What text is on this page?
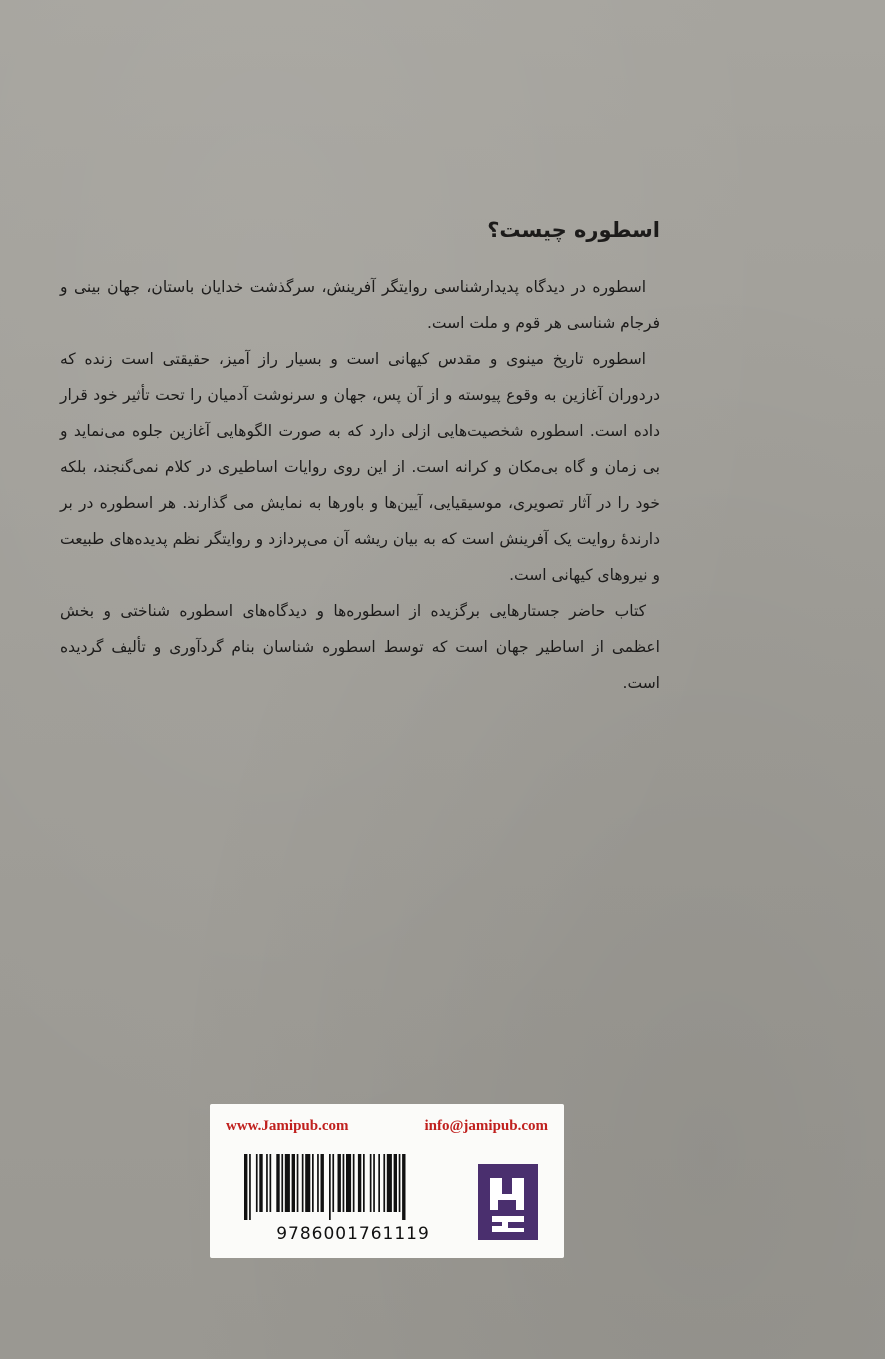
اسطوره چیست؟

اسطوره در دیدگاه پدیدارشناسی روایتگر آفرینش، سرگذشت خدایان باستان، جهان بینی و فرجام شناسی هر قوم و ملت است.

اسطوره تاریخ مینوی و مقدس کیهانی است و بسیار راز آمیز، حقیقتی است زنده که دردوران آغازین به وقوع پیوسته و از آن پس، جهان و سرنوشت آدمیان را تحت تأثیر خود قرار داده است. اسطوره شخصیت‌هایی ازلی دارد که به صورت الگوهایی آغازین جلوه می‌نماید و بی زمان و گاه بی‌مکان و کرانه است. از این روی روایات اساطیری در کلام نمی‌گنجند، بلکه خود را در آثار تصویری، موسیقیایی، آیین‌ها و باورها به نمایش می گذارند. هر اسطوره در بر دارندهٔ روایت یک آفرینش است که به بیان ریشه آن می‌پردازد و روایتگر نظم پدیده‌های طبیعت و نیروهای کیهانی است.

کتاب حاضر جستارهایی برگزیده از اسطوره‌ها و دیدگاه‌های اسطوره شناختی و بخش اعظمی از اساطیر جهان است که توسط اسطوره شناسان بنام گردآوری و تألیف گردیده است.

www.Jamipub.com	info@jamipub.com
9786001761119
